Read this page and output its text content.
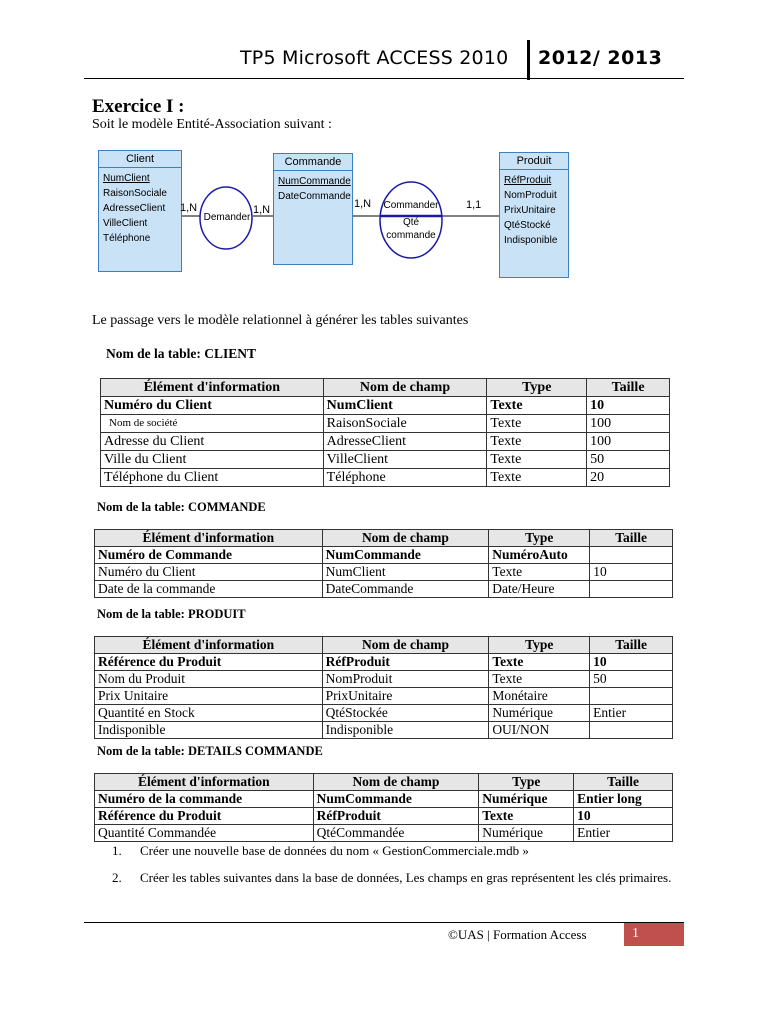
TP5 Microsoft ACCESS 2010 2012/ 2013
Exercice I :
Soit le modèle Entité-Association suivant :
Client
NumClient
RaisonSociale
AdresseClient
VilleClient
Téléphone
Commande
NumCommande
DateCommande
Produit
RéfProduit
NomProduit
PrixUnitaire
QtéStocké
Indisponible
1,N
Demander
1,N	1,N	Commander
Qté
commande
1,1
Le passage vers le modèle relationnel à générer les tables suivantes
Nom de la table: CLIENT
Élément d'information	Nom de champ	Type	Taille
Numéro du Client	NumClient	Texte	10
Nom de société	RaisonSociale	Texte	100
Adresse du Client	AdresseClient	Texte	100
Ville du Client	VilleClient	Texte	50
Téléphone du Client	Téléphone	Texte	20
Nom de la table: COMMANDE
Élément d'information	Nom de champ	Type	Taille
Numéro de Commande	NumCommande	NuméroAuto	
Numéro du Client	NumClient	Texte	10
Date de la commande	DateCommande	Date/Heure	
Nom de la table: PRODUIT
Élément d'information	Nom de champ	Type	Taille
Référence du Produit	RéfProduit	Texte	10
Nom du Produit	NomProduit	Texte	50
Prix Unitaire	PrixUnitaire	Monétaire	
Quantité en Stock	QtéStockée	Numérique	Entier
Indisponible	Indisponible	OUI/NON	
Nom de la table: DETAILS COMMANDE
Élément d'information	Nom de champ	Type	Taille
Numéro de la commande	NumCommande	Numérique	Entier long
Référence du Produit	RéfProduit	Texte	10
Quantité Commandée	QtéCommandée	Numérique	Entier
1. Créer une nouvelle base de données du nom « GestionCommerciale.mdb »
2. Créer les tables suivantes dans la base de données, Les champs en gras représentent les clés primaires.
©UAS | Formation Access	1
